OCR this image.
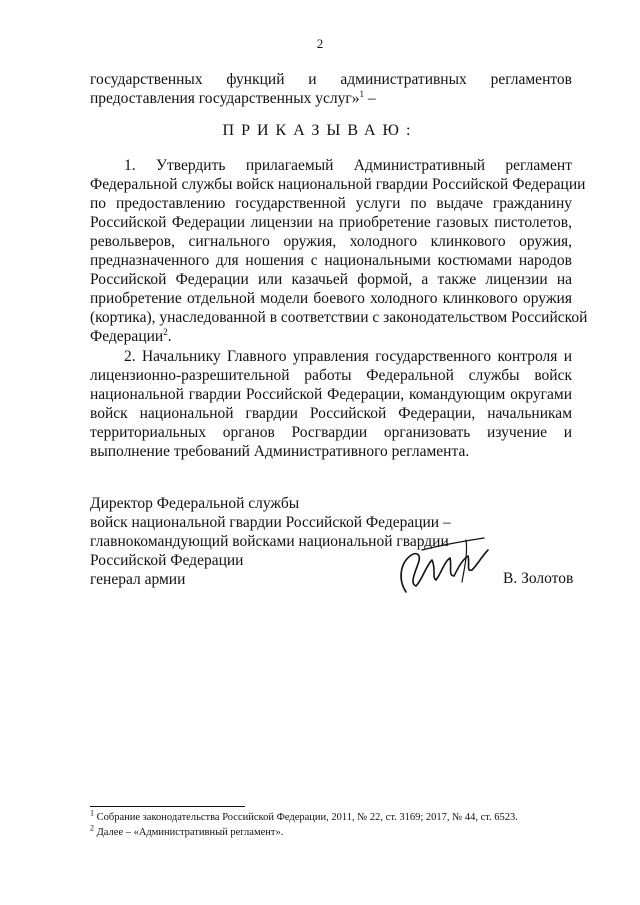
2
государственных функций и административных регламентов
предоставления государственных услуг»$^1$ –
ПРИКАЗЫВАЮ:
1. Утвердить прилагаемый Административный регламент
Федеральной службы войск национальной гвардии Российской Федерации
по предоставлению государственной услуги по выдаче гражданину
Российской Федерации лицензии на приобретение газовых пистолетов,
револьверов, сигнального оружия, холодного клинкового оружия,
предназначенного для ношения с национальными костюмами народов
Российской Федерации или казачьей формой, а также лицензии на
приобретение отдельной модели боевого холодного клинкового оружия
(кортика), унаследованной в соответствии с законодательством Российской
Федерации$^2$.
2. Начальнику Главного управления государственного контроля и
лицензионно-разрешительной работы Федеральной службы войск
национальной гвардии Российской Федерации, командующим округами
войск национальной гвардии Российской Федерации, начальникам
территориальных органов Росгвардии организовать изучение и
выполнение требований Административного регламента.
Директор Федеральной службы
войск национальной гвардии Российской Федерации –
главнокомандующий войсками национальной гвардии
Российской Федерации
генерал армии	В. Золотов
$^1$ Собрание законодательства Российской Федерации, 2011, № 22, ст. 3169; 2017, № 44, ст. 6523.
$^2$ Далее – «Административный регламент».
